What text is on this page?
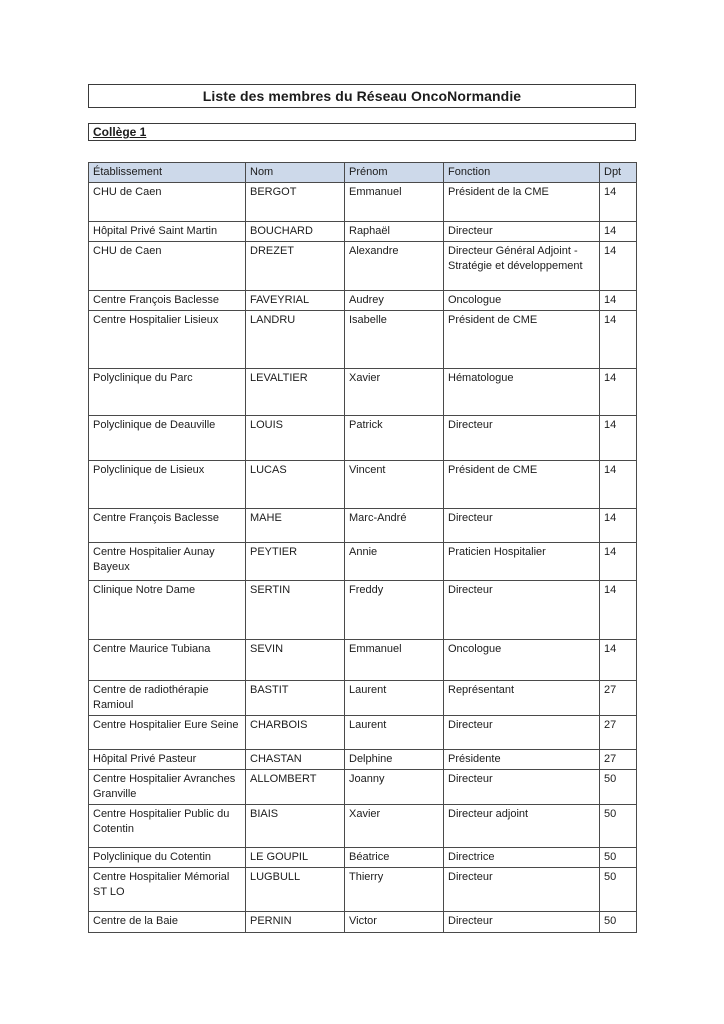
Liste des membres du Réseau OncoNormandie
Collège 1
Établissement	Nom	Prénom	Fonction	Dpt
CHU de Caen	BERGOT	Emmanuel	Président de la CME	14
Hôpital Privé Saint Martin	BOUCHARD	Raphaël	Directeur	14
CHU de Caen	DREZET	Alexandre	Directeur Général Adjoint - Stratégie et développement	14
Centre François Baclesse	FAVEYRIAL	Audrey	Oncologue	14
Centre Hospitalier Lisieux	LANDRU	Isabelle	Président de CME	14
Polyclinique du Parc	LEVALTIER	Xavier	Hématologue	14
Polyclinique de Deauville	LOUIS	Patrick	Directeur	14
Polyclinique de Lisieux	LUCAS	Vincent	Président de CME	14
Centre François Baclesse	MAHE	Marc-André	Directeur	14
Centre Hospitalier Aunay Bayeux	PEYTIER	Annie	Praticien Hospitalier	14
Clinique Notre Dame	SERTIN	Freddy	Directeur	14
Centre Maurice Tubiana	SEVIN	Emmanuel	Oncologue	14
Centre de radiothérapie Ramioul	BASTIT	Laurent	Représentant	27
Centre Hospitalier Eure Seine	CHARBOIS	Laurent	Directeur	27
Hôpital Privé Pasteur	CHASTAN	Delphine	Présidente	27
Centre Hospitalier Avranches Granville	ALLOMBERT	Joanny	Directeur	50
Centre Hospitalier Public du Cotentin	BIAIS	Xavier	Directeur adjoint	50
Polyclinique du Cotentin	LE GOUPIL	Béatrice	Directrice	50
Centre Hospitalier Mémorial ST LO	LUGBULL	Thierry	Directeur	50
Centre de la Baie	PERNIN	Victor	Directeur	50
